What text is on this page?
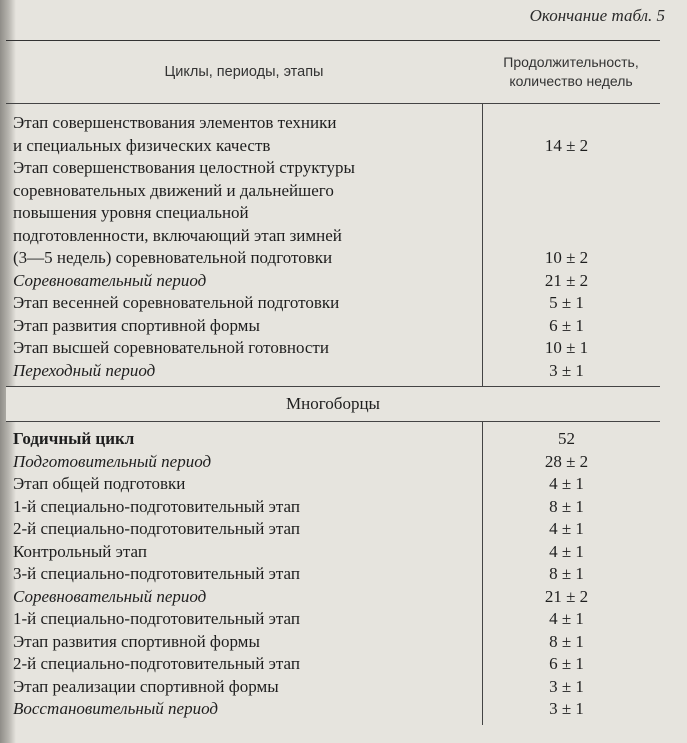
Окончание табл. 5
Циклы, периоды, этапы
Продолжительность,
количество недель
Этап совершенствования элементов техники
и специальных физических качеств	14 ± 2
Этап совершенствования целостной структуры
соревновательных движений и дальнейшего
повышения уровня специальной
подготовленности, включающий этап зимней
(3—5 недель) соревновательной подготовки	10 ± 2
Соревновательный период	21 ± 2
Этап весенней соревновательной подготовки	5 ± 1
Этап развития спортивной формы	6 ± 1
Этап высшей соревновательной готовности	10 ± 1
Переходный период	3 ± 1
Многоборцы
Годичный цикл	52
Подготовительный период	28 ± 2
Этап общей подготовки	4 ± 1
1-й специально-подготовительный этап	8 ± 1
2-й специально-подготовительный этап	4 ± 1
Контрольный этап	4 ± 1
3-й специально-подготовительный этап	8 ± 1
Соревновательный период	21 ± 2
1-й специально-подготовительный этап	4 ± 1
Этап развития спортивной формы	8 ± 1
2-й специально-подготовительный этап	6 ± 1
Этап реализации спортивной формы	3 ± 1
Восстановительный период	3 ± 1
